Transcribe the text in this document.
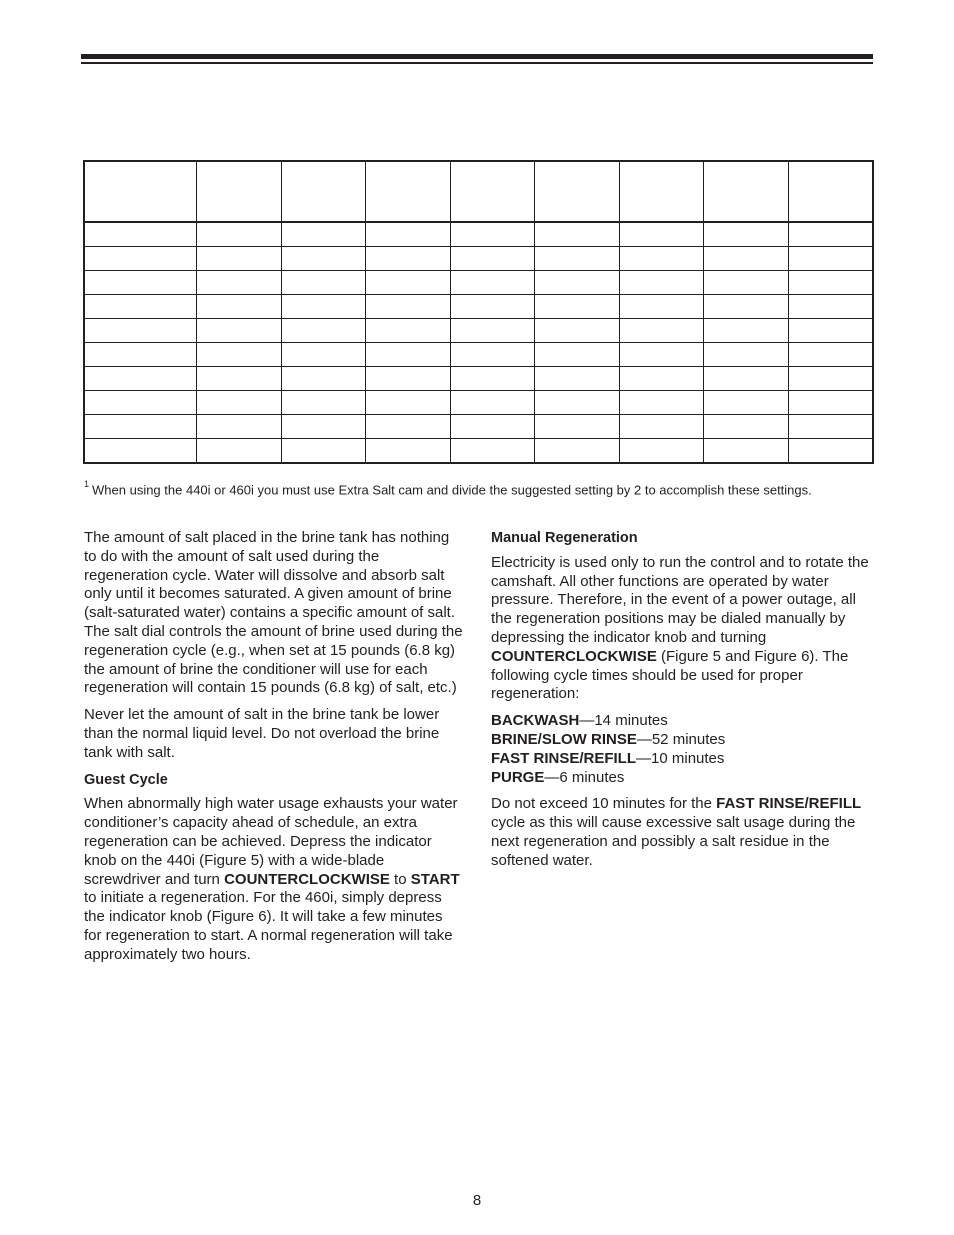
$^1$ When using the 440i or 460i you must use Extra Salt cam and divide the suggested setting by 2 to accomplish these settings.

The amount of salt placed in the brine tank has nothing to do with the amount of salt used during the regeneration cycle. Water will dissolve and absorb salt only until it becomes saturated. A given amount of brine (salt-saturated water) contains a specific amount of salt. The salt dial controls the amount of brine used during the regeneration cycle (e.g., when set at 15 pounds (6.8 kg) the amount of brine the conditioner will use for each regeneration will contain 15 pounds (6.8 kg) of salt, etc.)

Never let the amount of salt in the brine tank be lower than the normal liquid level. Do not overload the brine tank with salt.

Guest Cycle

When abnormally high water usage exhausts your water conditioner’s capacity ahead of schedule, an extra regeneration can be achieved. Depress the indicator knob on the 440i (Figure 5) with a wide-blade screwdriver and turn COUNTERCLOCKWISE to START to initiate a regeneration. For the 460i, simply depress the indicator knob (Figure 6). It will take a few minutes for regeneration to start. A normal regeneration will take approximately two hours.

Manual Regeneration

Electricity is used only to run the control and to rotate the camshaft. All other functions are operated by water pressure. Therefore, in the event of a power outage, all the regeneration positions may be dialed manually by depressing the indicator knob and turning COUNTERCLOCKWISE (Figure 5 and Figure 6). The following cycle times should be used for proper regeneration:

BACKWASH—14 minutes

BRINE/SLOW RINSE—52 minutes

FAST RINSE/REFILL—10 minutes

PURGE—6 minutes

Do not exceed 10 minutes for the FAST RINSE/REFILL cycle as this will cause excessive salt usage during the next regeneration and possibly a salt residue in the softened water.

8
